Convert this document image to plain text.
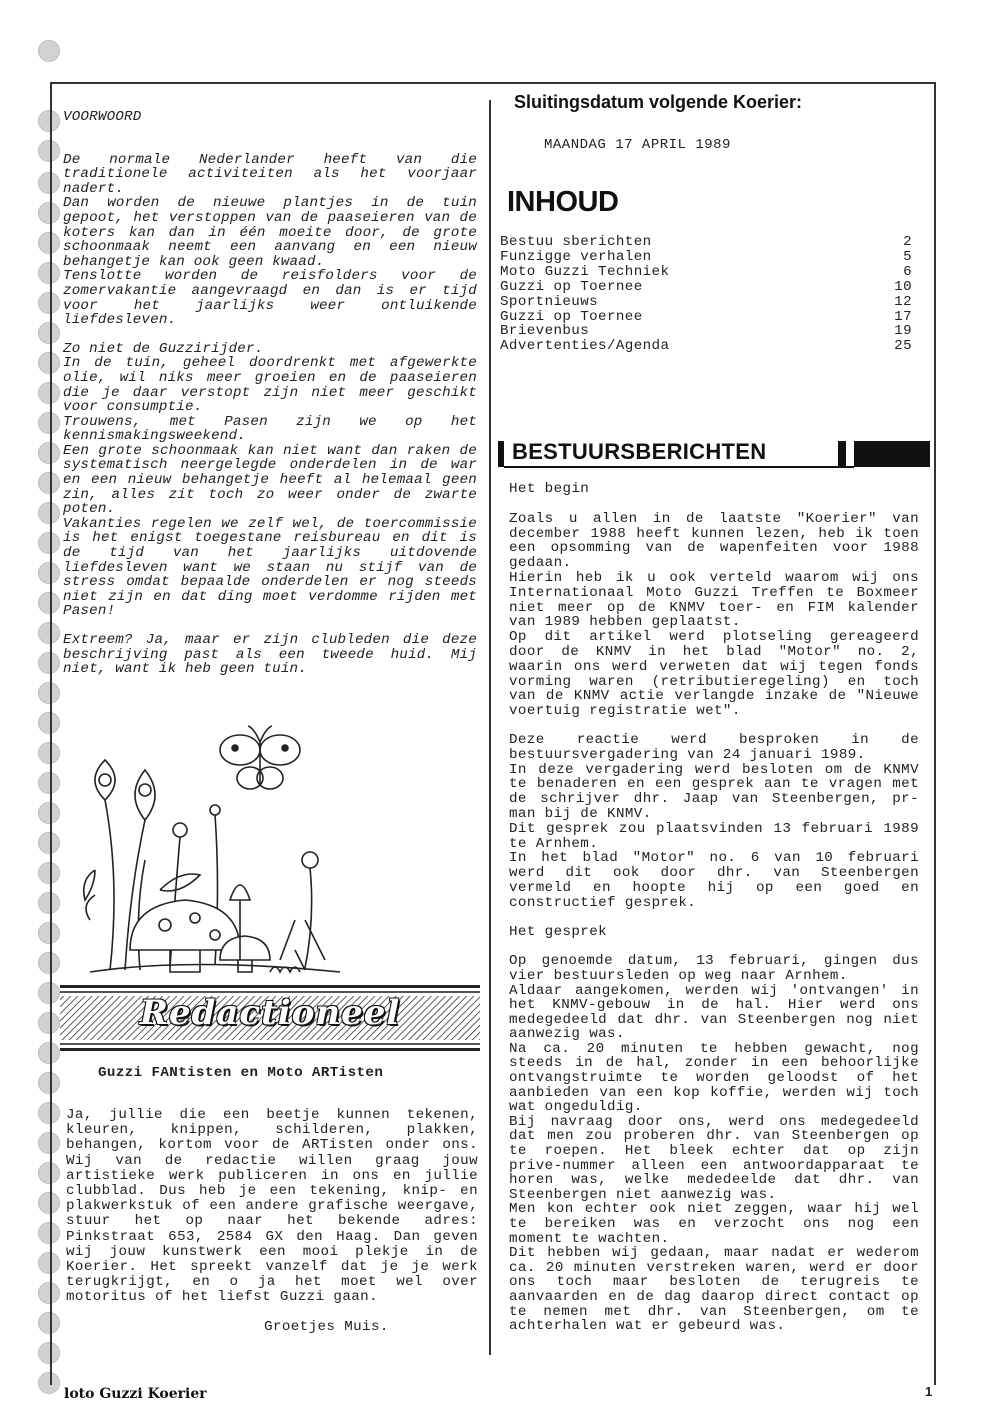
VOORWOORD
De normale Nederlander heeft van die traditionele activiteiten als het voorjaar nadert.
Dan worden de nieuwe plantjes in de tuin gepoot, het verstoppen van de paaseieren van de koters kan dan in één moeite door, de grote schoonmaak neemt een aanvang en een nieuw behangetje kan ook geen kwaad.
Tenslotte worden de reisfolders voor de zomervakantie aangevraagd en dan is er tijd voor het jaarlijks weer ontluikende liefdesleven.
Zo niet de Guzzirijder.
In de tuin, geheel doordrenkt met afgewerkte olie, wil niks meer groeien en de paaseieren die je daar verstopt zijn niet meer geschikt voor consumptie.
Trouwens, met Pasen zijn we op het kennismakingsweekend.
Een grote schoonmaak kan niet want dan raken de systematisch neergelegde onderdelen in de war en een nieuw behangetje heeft al helemaal geen zin, alles zit toch zo weer onder de zwarte poten.
Vakanties regelen we zelf wel, de toercommissie is het enigst toegestane reisbureau en dit is de tijd van het jaarlijks uitdovende liefdesleven want we staan nu stijf van de stress omdat bepaalde onderdelen er nog steeds niet zijn en dat ding moet verdomme rijden met Pasen!
Extreem? Ja, maar er zijn clubleden die deze beschrijving past als een tweede huid. Mij niet, want ik heb geen tuin.
Redactioneel
Guzzi FANtisten en Moto ARTisten
Ja, jullie die een beetje kunnen tekenen, kleuren, knippen, schilderen, plakken, behangen, kortom voor de ARTisten onder ons. Wij van de redactie willen graag jouw artistieke werk publiceren in ons en jullie clubblad. Dus heb je een tekening, knip- en plakwerkstuk of een andere grafische weergave, stuur het op naar het bekende adres: Pinkstraat 653, 2584 GX den Haag. Dan geven wij jouw kunstwerk een mooi plekje in de Koerier. Het spreekt vanzelf dat je je werk terugkrijgt, en o ja het moet wel over motoritus of het liefst Guzzi gaan.
Groetjes Muis.
Sluitingsdatum volgende Koerier:
MAANDAG 17 APRIL 1989
INHOUD
Bestuu sberichten	2
Funzigge verhalen	5
Moto Guzzi Techniek	6
Guzzi op Toernee	10
Sportnieuws	12
Guzzi op Toernee	17
Brievenbus	19
Advertenties/Agenda	25
BESTUURSBERICHTEN
Het begin
Zoals u allen in de laatste "Koerier" van december 1988 heeft kunnen lezen, heb ik toen een opsomming van de wapenfeiten voor 1988 gedaan.
Hierin heb ik u ook verteld waarom wij ons Internationaal Moto Guzzi Treffen te Boxmeer niet meer op de KNMV toer- en FIM kalender van 1989 hebben geplaatst.
Op dit artikel werd plotseling gereageerd door de KNMV in het blad "Motor" no. 2, waarin ons werd verweten dat wij tegen fonds vorming waren (retributieregeling) en toch van de KNMV actie verlangde inzake de "Nieuwe voertuig registratie wet".
Deze reactie werd besproken in de bestuursvergadering van 24 januari 1989.
In deze vergadering werd besloten om de KNMV te benaderen en een gesprek aan te vragen met de schrijver dhr. Jaap van Steenbergen, pr-man bij de KNMV.
Dit gesprek zou plaatsvinden 13 februari 1989 te Arnhem.
In het blad "Motor" no. 6 van 10 februari werd dit ook door dhr. van Steenbergen vermeld en hoopte hij op een goed en constructief gesprek.
Het gesprek
Op genoemde datum, 13 februari, gingen dus vier bestuursleden op weg naar Arnhem.
Aldaar aangekomen, werden wij 'ontvangen' in het KNMV-gebouw in de hal. Hier werd ons medegedeeld dat dhr. van Steenbergen nog niet aanwezig was.
Na ca. 20 minuten te hebben gewacht, nog steeds in de hal, zonder in een behoorlijke ontvangstruimte te worden geloodst of het aanbieden van een kop koffie, werden wij toch wat ongeduldig.
Bij navraag door ons, werd ons medegedeeld dat men zou proberen dhr. van Steenbergen op te roepen. Het bleek echter dat op zijn prive-nummer alleen een antwoordapparaat te horen was, welke mededeelde dat dhr. van Steenbergen niet aanwezig was.
Men kon echter ook niet zeggen, waar hij wel te bereiken was en verzocht ons nog een moment te wachten.
Dit hebben wij gedaan, maar nadat er wederom ca. 20 minuten verstreken waren, werd er door ons toch maar besloten de terugreis te aanvaarden en de dag daarop direct contact op te nemen met dhr. van Steenbergen, om te achterhalen wat er gebeurd was.
loto Guzzi Koerier	1
